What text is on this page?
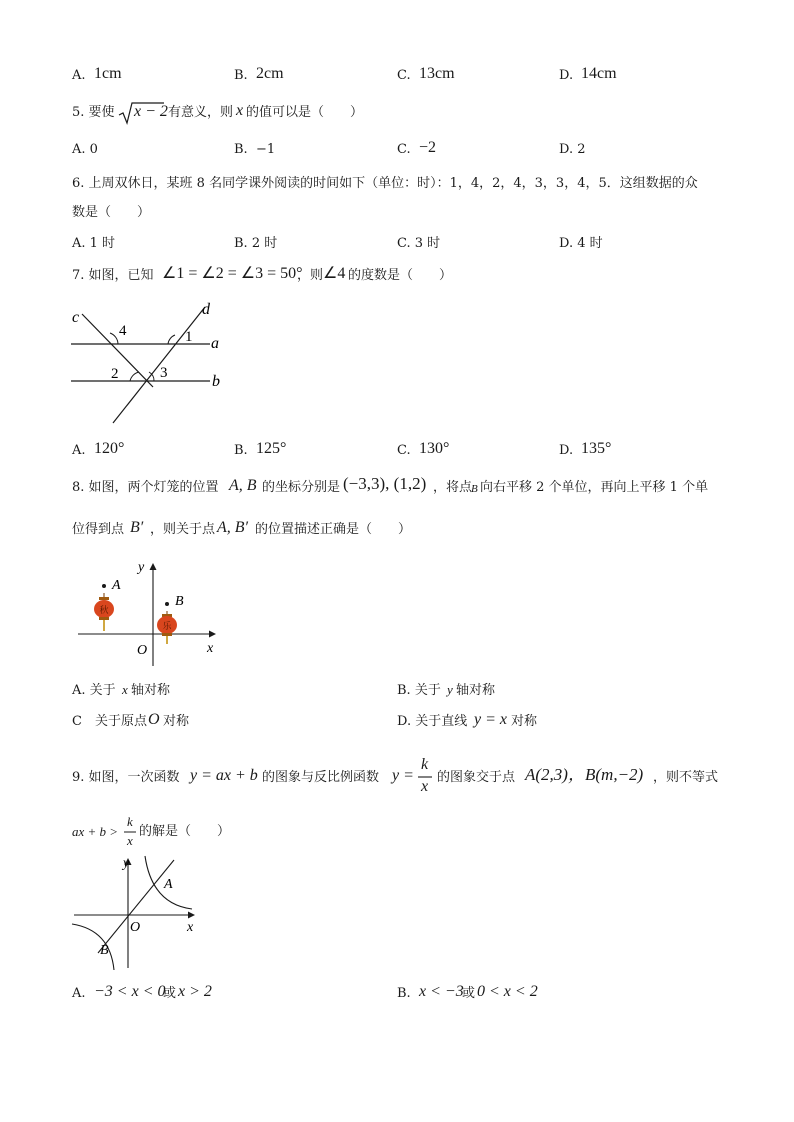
A. 1cm	B. 2cm	C. 13cm	D. 14cm
5. 要使 x − 2 有意义，则 x 的值可以是（　　）
A. 0	B. −1	C. −2	D. 2
6. 上周双休日，某班 8 名同学课外阅读的时间如下（单位：时）：1，4，2，4，3，3，4，5．这组数据的众
数是（　　）
A. 1 时	B. 2 时	C. 3 时	D. 4 时
7. 如图，已知 ∠1 = ∠2 = ∠3 = 50°
，则 ∠4 的度数是（　　）
c	d
a
b
4	1
2	3
A. 120°	B. 125°	C. 130°	D. 135°
8. 如图，两个灯笼的位置 A, B 的坐标分别是 (−3,3), (1,2) ，将点
B 向右平移 2 个单位，再向上平移 1 个单
位得到点 B′ ，则关于点 A, B′ 的位置描述正确是（　　）
y
x
O
A
B
秋
乐
A. 关于 x 轴对称	B. 关于 y 轴对称
C　关于原点 O 对称	D. 关于直线 y = x 对称
9. 如图，一次函数 y = ax + b 的图象与反比例函数 y =
k
x
的图象交于点 A(2,3)， B(m,−2) ，则不等式
ax + b >
k
x
的解是（　　）
y
x
O
A
B
A. −3 < x < 0
或 x > 2	B. x < −3
或 0 < x < 2
